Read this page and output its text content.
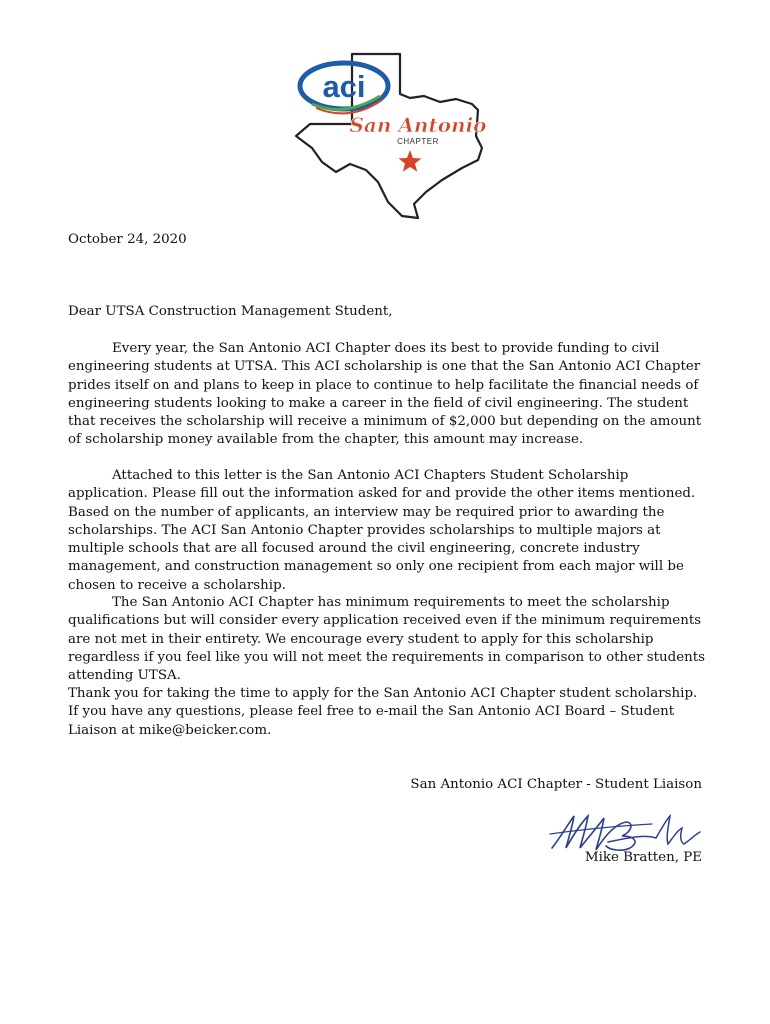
aci
San Antonio
CHAPTER

October 24, 2020

Dear UTSA Construction Management Student,

Every year, the San Antonio ACI Chapter does its best to provide funding to civil engineering students at UTSA. This ACI scholarship is one that the San Antonio ACI Chapter prides itself on and plans to keep in place to continue to help facilitate the financial needs of engineering students looking to make a career in the field of civil engineering. The student that receives the scholarship will receive a minimum of $2,000 but depending on the amount of scholarship money available from the chapter, this amount may increase.

Attached to this letter is the San Antonio ACI Chapters Student Scholarship application. Please fill out the information asked for and provide the other items mentioned. Based on the number of applicants, an interview may be required prior to awarding the scholarships. The ACI San Antonio Chapter provides scholarships to multiple majors at multiple schools that are all focused around the civil engineering, concrete industry management, and construction management so only one recipient from each major will be chosen to receive a scholarship.

The San Antonio ACI Chapter has minimum requirements to meet the scholarship qualifications but will consider every application received even if the minimum requirements are not met in their entirety. We encourage every student to apply for this scholarship regardless if you feel like you will not meet the requirements in comparison to other students attending UTSA.

Thank you for taking the time to apply for the San Antonio ACI Chapter student scholarship. If you have any questions, please feel free to e-mail the San Antonio ACI Board – Student Liaison at mike@beicker.com.

San Antonio ACI Chapter - Student Liaison

Mike Bratten, PE
